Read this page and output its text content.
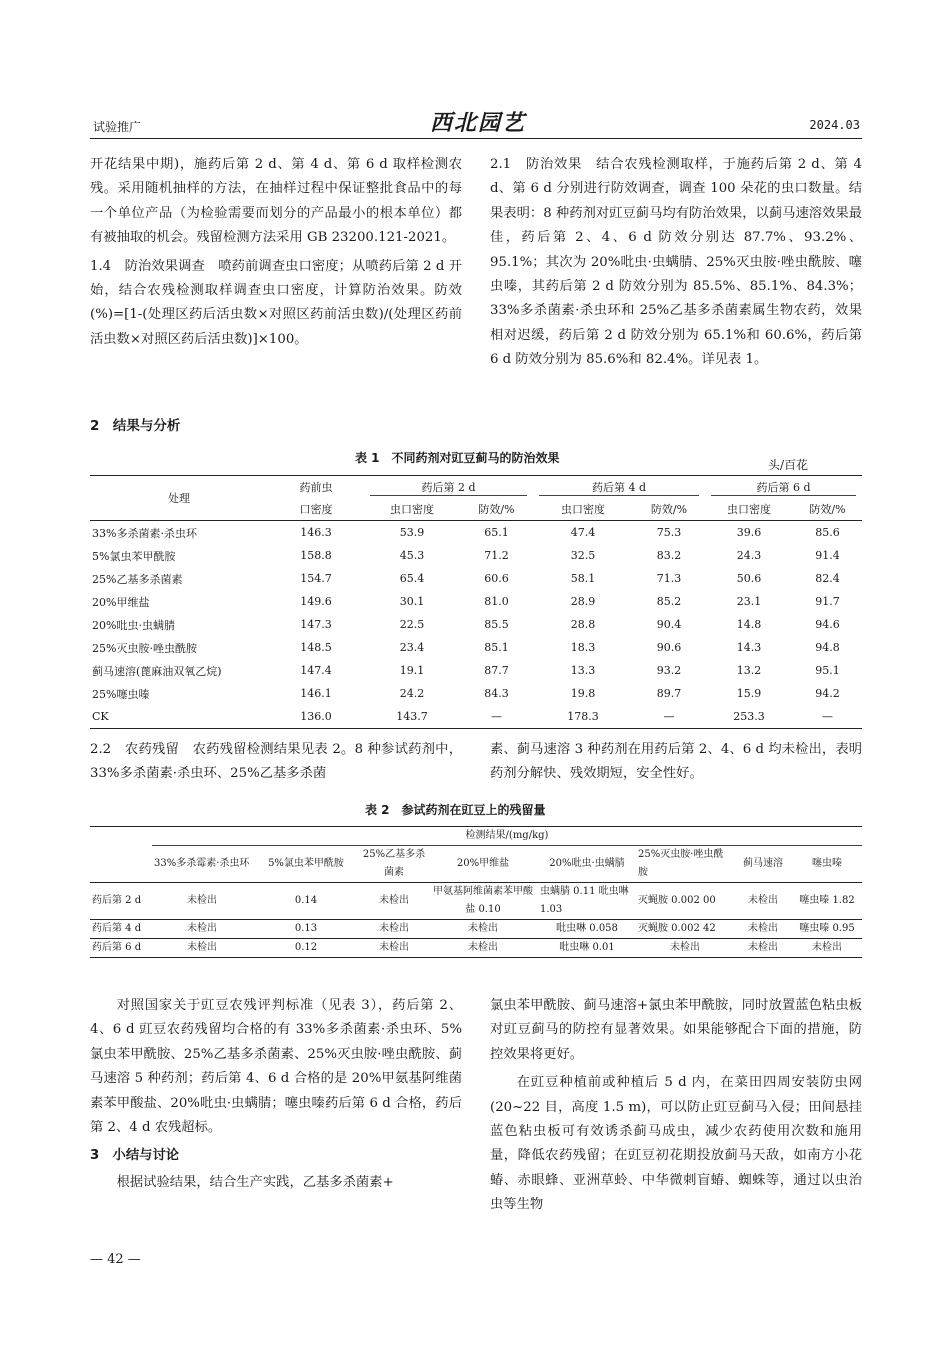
试验推广	西北园艺	2024.03

开花结果中期)，施药后第 2 d、第 4 d、第 6 d 取样检测农残。采用随机抽样的方法，在抽样过程中保证整批食品中的每一个单位产品（为检验需要而划分的产品最小的根本单位）都有被抽取的机会。残留检测方法采用 GB 23200.121-2021。

1.4　防治效果调查　喷药前调查虫口密度；从喷药后第 2 d 开始，结合农残检测取样调查虫口密度，计算防治效果。防效(%)=[1-(处理区药后活虫数×对照区药前活虫数)/(处理区药前活虫数×对照区药后活虫数)]×100。

2　结果与分析

2.1　防治效果　结合农残检测取样，于施药后第 2 d、第 4 d、第 6 d 分别进行防效调查，调查 100 朵花的虫口数量。结果表明：8 种药剂对豇豆蓟马均有防治效果，以蓟马速溶效果最佳，药后第 2、4、6 d 防效分别达 87.7%、93.2%、95.1%；其次为 20%吡虫·虫螨腈、25%灭虫胺·唑虫酰胺、噻虫嗪，其药后第 2 d 防效分别为 85.5%、85.1%、84.3%；33%多杀菌素·杀虫环和 25%乙基多杀菌素属生物农药，效果相对迟缓，药后第 2 d 防效分别为 65.1%和 60.6%，药后第 6 d 防效分别为 85.6%和 82.4%。详见表 1。

表 1　不同药剂对豇豆蓟马的防治效果	头/百花
处理	药前虫	药后第 2 d		药后第 4 d		药后第 6 d	

	口密度	虫口密度	防效/%	虫口密度	防效/%	虫口密度	防效/%
33%多杀菌素·杀虫环	146.3	53.9	65.1	47.4	75.3	39.6	85.6
5%氯虫苯甲酰胺	158.8	45.3	71.2	32.5	83.2	24.3	91.4
25%乙基多杀菌素	154.7	65.4	60.6	58.1	71.3	50.6	82.4
20%甲维盐	149.6	30.1	81.0	28.9	85.2	23.1	91.7
20%吡虫·虫螨腈	147.3	22.5	85.5	28.8	90.4	14.8	94.6
25%灭虫胺·唑虫酰胺	148.5	23.4	85.1	18.3	90.6	14.3	94.8
蓟马速溶(蓖麻油双氧乙烷)	147.4	19.1	87.7	13.3	93.2	13.2	95.1
25%噻虫嗪	146.1	24.2	84.3	19.8	89.7	15.9	94.2
CK	136.0	143.7	—	178.3	—	253.3	—

2.2　农药残留　农药残留检测结果见表 2。8 种参试药剂中，33%多杀菌素·杀虫环、25%乙基多杀菌

素、蓟马速溶 3 种药剂在用药后第 2、4、6 d 均未检出，表明药剂分解快、残效期短，安全性好。

表 2　参试药剂在豇豆上的残留量
	检测结果/(mg/kg)							
	33%多杀霉素·杀虫环	5%氯虫苯甲酰胺	25%乙基多杀菌素	20%甲维盐	20%吡虫·虫螨腈	25%灭虫胺·唑虫酰胺	蓟马速溶	噻虫嗪
药后第 2 d	未检出	0.14	未检出	甲氨基阿维菌素苯甲酸盐 0.10	虫螨腈 0.11 吡虫啉 1.03	灭蝇胺 0.002 00	未检出	噻虫嗪 1.82
药后第 4 d	未检出	0.13	未检出	未检出	吡虫啉 0.058	灭蝇胺 0.002 42	未检出	噻虫嗪 0.95
药后第 6 d	未检出	0.12	未检出	未检出	吡虫啉 0.01	未检出	未检出	未检出

对照国家关于豇豆农残评判标准（见表 3），药后第 2、4、6 d 豇豆农药残留均合格的有 33%多杀菌素·杀虫环、5%氯虫苯甲酰胺、25%乙基多杀菌素、25%灭虫胺·唑虫酰胺、蓟马速溶 5 种药剂；药后第 4、6 d 合格的是 20%甲氨基阿维菌素苯甲酸盐、20%吡虫·虫螨腈；噻虫嗪药后第 6 d 合格，药后第 2、4 d 农残超标。

3　小结与讨论

根据试验结果，结合生产实践，乙基多杀菌素+

氯虫苯甲酰胺、蓟马速溶+氯虫苯甲酰胺，同时放置蓝色粘虫板对豇豆蓟马的防控有显著效果。如果能够配合下面的措施，防控效果将更好。

在豇豆种植前或种植后 5 d 内，在菜田四周安装防虫网(20~22 目，高度 1.5 m)，可以防止豇豆蓟马入侵；田间悬挂蓝色粘虫板可有效诱杀蓟马成虫，减少农药使用次数和施用量，降低农药残留；在豇豆初花期投放蓟马天敌，如南方小花蝽、赤眼蜂、亚洲草蛉、中华微刺盲蝽、蜘蛛等，通过以虫治虫等生物

— 42 —
